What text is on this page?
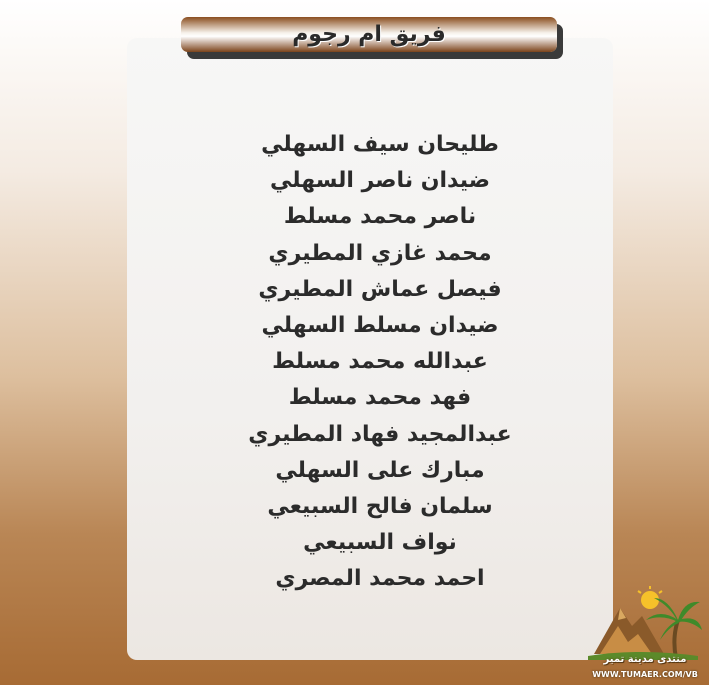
فريق ام رجوم
طليحان سيف السهلي
ضيدان ناصر السهلي
ناصر محمد مسلط
محمد غازي المطيري
فيصل عماش المطيري
ضيدان مسلط السهلي
عبدالله محمد مسلط
فهد محمد مسلط
عبدالمجيد فهاد المطيري
مبارك على السهلي
سلمان فالح السبيعي
نواف السبيعي
احمد محمد المصري
منتدى مدينة تمير
WWW.TUMAER.COM/VB
